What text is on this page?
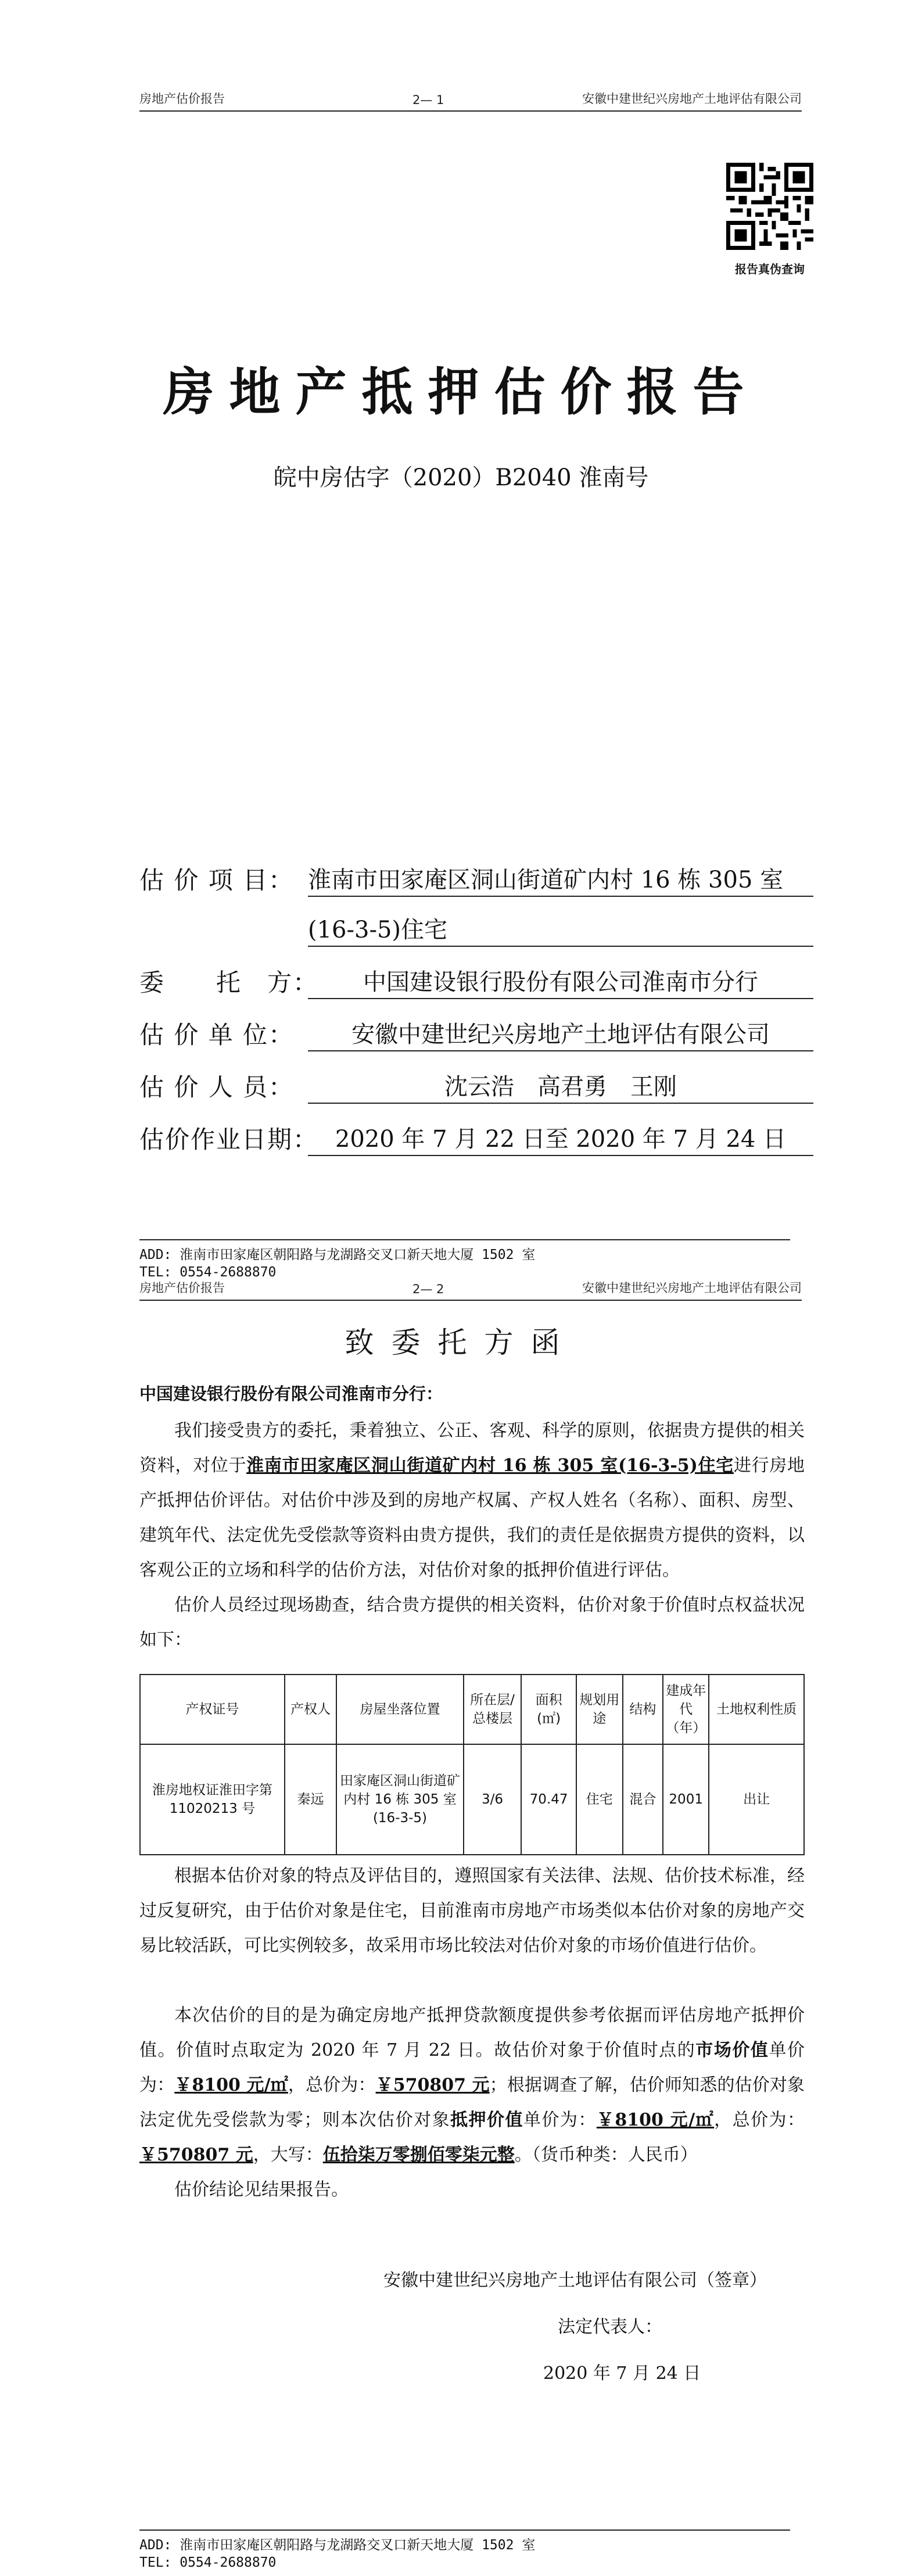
房地产估价报告	2— 1	安徽中建世纪兴房地产土地评估有限公司
报告真伪查询
房地产抵押估价报告
皖中房估字（2020）B2040 淮南号
估 价 项 目： 淮南市田家庵区洞山街道矿内村 16 栋 305 室
(16-3-5)住宅
委　　托　方：	中国建设银行股份有限公司淮南市分行
估 价 单 位：	安徽中建世纪兴房地产土地评估有限公司
估 价 人 员：	沈云浩　高君勇　王刚
估价作业日期： 2020 年 7 月 22 日至 2020 年 7 月 24 日
ADD: 淮南市田家庵区朝阳路与龙湖路交叉口新天地大厦 1502 室
TEL: 0554-2688870
房地产估价报告	2— 2	安徽中建世纪兴房地产土地评估有限公司
致委托方函
中国建设银行股份有限公司淮南市分行：
我们接受贵方的委托，秉着独立、公正、客观、科学的原则，依据贵方提供的相关资料，对位于淮南市田家庵区洞山街道矿内村 16 栋 305 室(16-3-5)住宅进行房地产抵押估价评估。对估价中涉及到的房地产权属、产权人姓名（名称）、面积、房型、建筑年代、法定优先受偿款等资料由贵方提供，我们的责任是依据贵方提供的资料，以客观公正的立场和科学的估价方法，对估价对象的抵押价值进行评估。
估价人员经过现场勘查，结合贵方提供的相关资料，估价对象于价值时点权益状况如下：
产权证号	产权人	房屋坐落位置	所在层/总楼层	面积(㎡)	规划用途	结构	建成年代（年）	土地权利性质
淮房地权证淮田字第 11020213 号	秦远	田家庵区洞山街道矿内村 16 栋 305 室(16-3-5)	3/6	70.47	住宅	混合	2001	出让
根据本估价对象的特点及评估目的，遵照国家有关法律、法规、估价技术标准，经过反复研究，由于估价对象是住宅，目前淮南市房地产市场类似本估价对象的房地产交易比较活跃，可比实例较多，故采用市场比较法对估价对象的市场价值进行估价。
本次估价的目的是为确定房地产抵押贷款额度提供参考依据而评估房地产抵押价值。价值时点取定为 2020 年 7 月 22 日。故估价对象于价值时点的市场价值单价为：￥8100 元/㎡，总价为：￥570807 元；根据调查了解，估价师知悉的估价对象法定优先受偿款为零；则本次估价对象抵押价值单价为：￥8100 元/㎡，总价为：￥570807 元，大写：伍拾柒万零捌佰零柒元整。（货币种类：人民币）
估价结论见结果报告。
安徽中建世纪兴房地产土地评估有限公司（签章）
法定代表人：
2020 年 7 月 24 日
ADD: 淮南市田家庵区朝阳路与龙湖路交叉口新天地大厦 1502 室
TEL: 0554-2688870
